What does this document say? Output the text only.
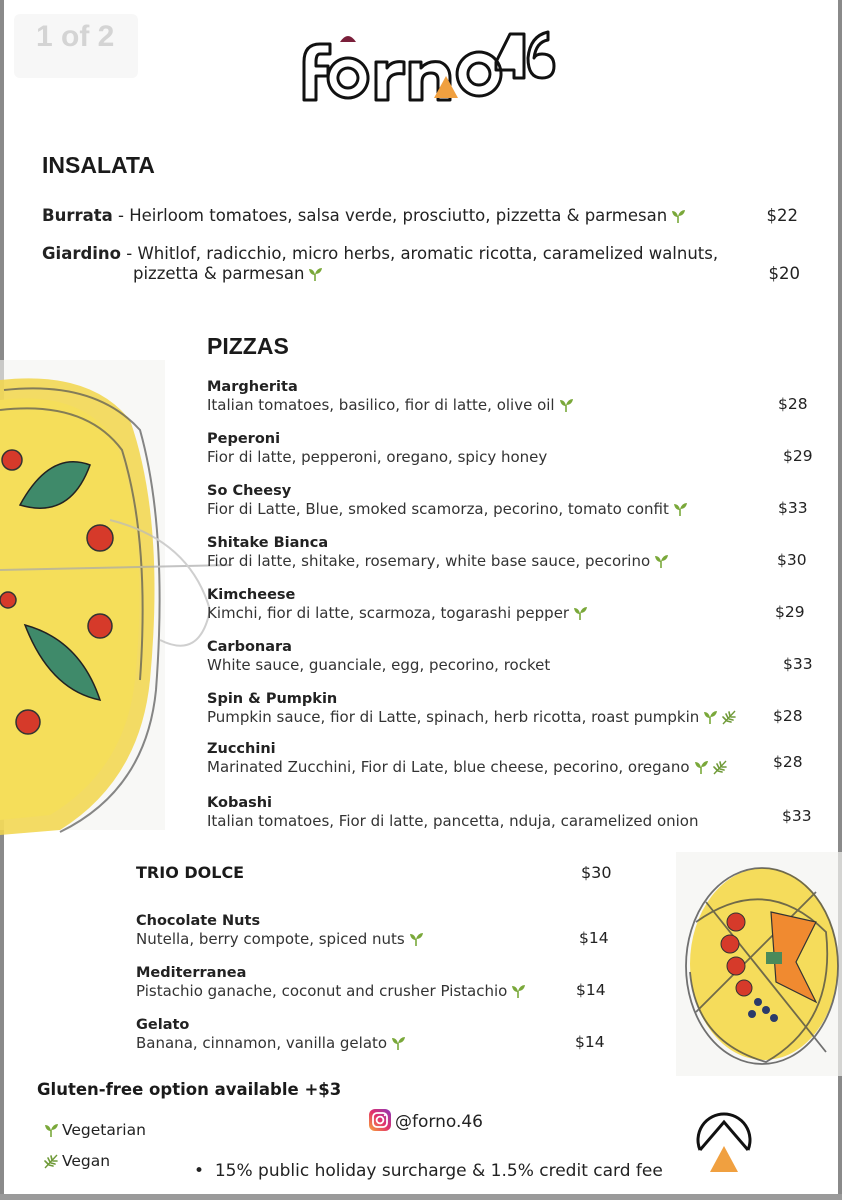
1 of 2
INSALATA
Burrata - Heirloom tomatoes, salsa verde, prosciutto, pizzetta & parmesan	$22
Giardino - Whitlof, radicchio, micro herbs, aromatic ricotta, caramelized walnuts,
pizzetta & parmesan	$20
PIZZAS
Margherita
Italian tomatoes, basilico, fior di latte, olive oil	$28
Peperoni
Fior di latte, pepperoni, oregano, spicy honey	$29
So Cheesy
Fior di Latte, Blue, smoked scamorza, pecorino, tomato confit	$33
Shitake Bianca
Fior di latte, shitake, rosemary, white base sauce, pecorino	$30
Kimcheese
Kimchi, fior di latte, scarmoza, togarashi pepper	$29
Carbonara
White sauce, guanciale, egg, pecorino, rocket	$33
Spin & Pumpkin
Pumpkin sauce, fior di Latte, spinach, herb ricotta, roast pumpkin	$28
Zucchini
Marinated Zucchini, Fior di Late, blue cheese, pecorino, oregano	$28
Kobashi
Italian tomatoes, Fior di latte, pancetta, nduja, caramelized onion	$33
TRIO DOLCE	$30
Chocolate Nuts
Nutella, berry compote, spiced nuts	$14
Mediterranea
Pistachio ganache, coconut and crusher Pistachio	$14
Gelato
Banana, cinnamon, vanilla gelato	$14
Gluten-free option available +$3
Vegetarian
Vegan
@forno.46
•  15% public holiday surcharge & 1.5% credit card fee
